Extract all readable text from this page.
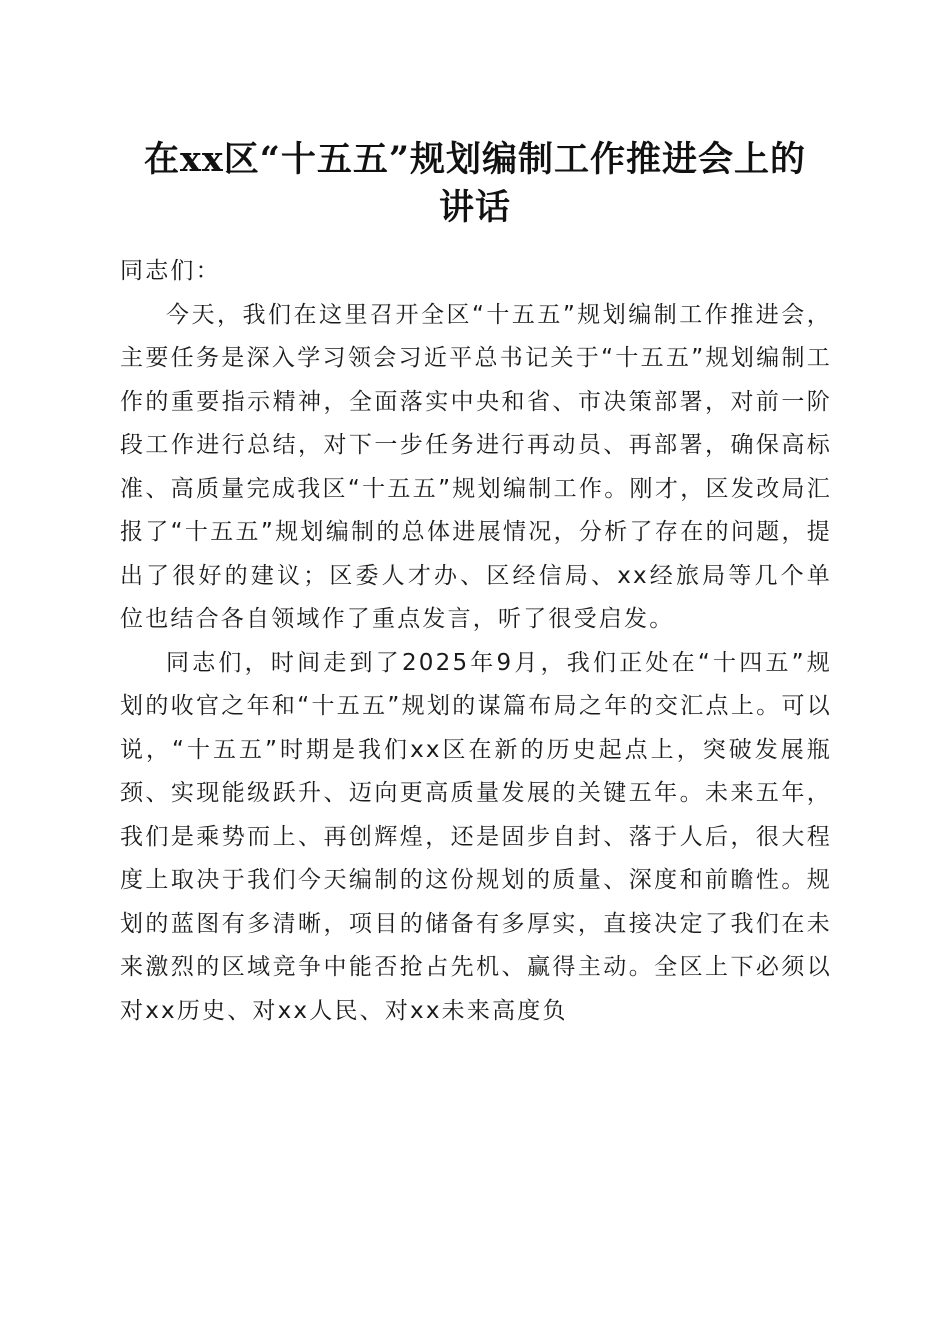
在xx区“十五五”规划编制工作推进会上的
讲话

同志们：

今天，我们在这里召开全区“十五五”规划编制工作推进会，主要任务是深入学习领会习近平总书记关于“十五五”规划编制工作的重要指示精神，全面落实中央和省、市决策部署，对前一阶段工作进行总结，对下一步任务进行再动员、再部署，确保高标准、高质量完成我区“十五五”规划编制工作。刚才，区发改局汇报了“十五五”规划编制的总体进展情况，分析了存在的问题，提出了很好的建议；区委人才办、区经信局、xx经旅局等几个单位也结合各自领域作了重点发言，听了很受启发。

同志们，时间走到了2025年9月，我们正处在“十四五”规划的收官之年和“十五五”规划的谋篇布局之年的交汇点上。可以说，“十五五”时期是我们xx区在新的历史起点上，突破发展瓶颈、实现能级跃升、迈向更高质量发展的关键五年。未来五年，我们是乘势而上、再创辉煌，还是固步自封、落于人后，很大程度上取决于我们今天编制的这份规划的质量、深度和前瞻性。规划的蓝图有多清晰，项目的储备有多厚实，直接决定了我们在未来激烈的区域竞争中能否抢占先机、赢得主动。全区上下必须以对xx历史、对xx人民、对xx未来高度负
